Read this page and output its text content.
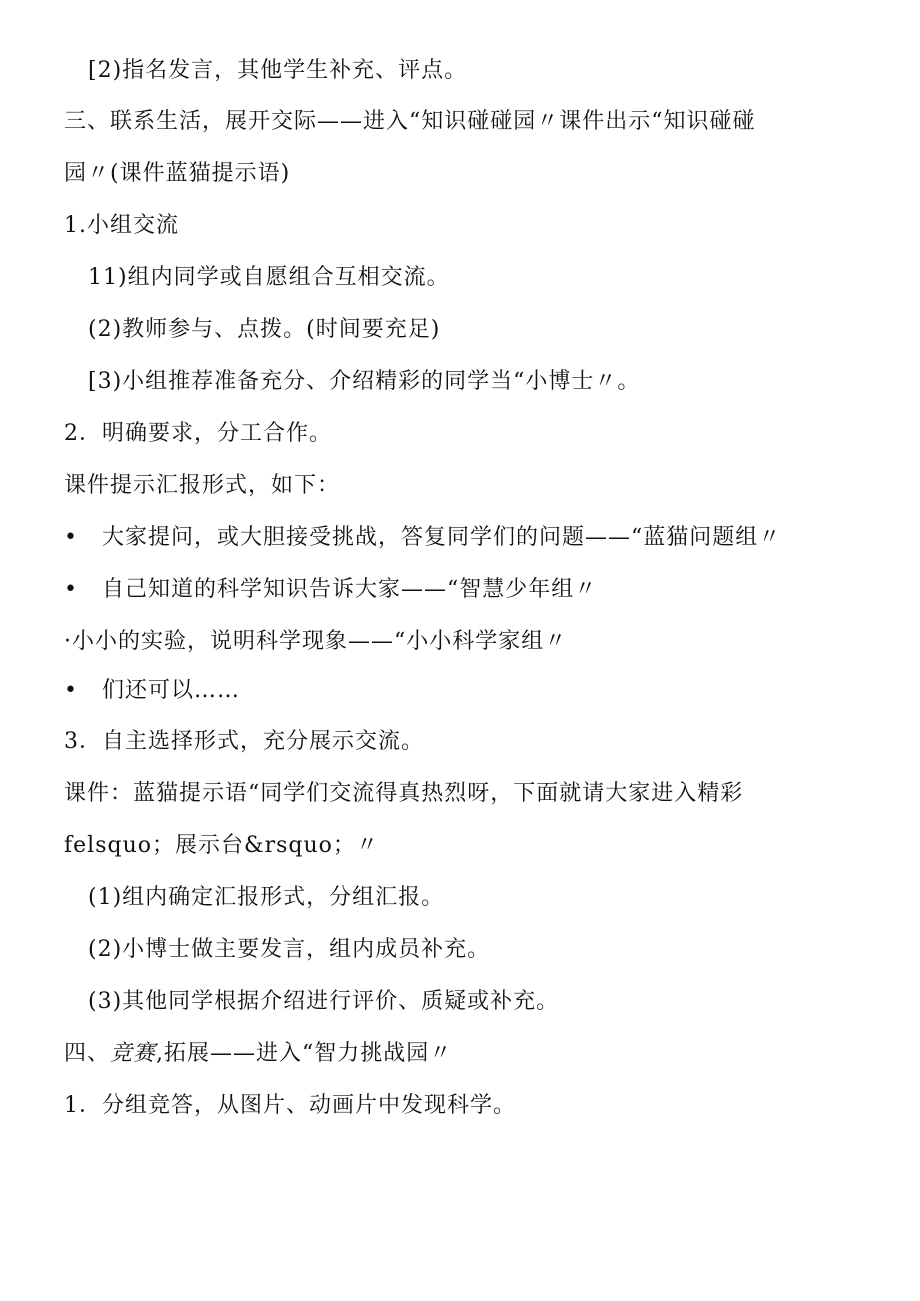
[2)指名发言，其他学生补充、评点。
三、联系生活，展开交际——进入“知识碰碰园〃课件出示“知识碰碰
园〃(课件蓝猫提示语)
1.小组交流
11)组内同学或自愿组合互相交流。
(2)教师参与、点拨。(时间要充足)
[3)小组推荐准备充分、介绍精彩的同学当“小博士〃。
2．明确要求，分工合作。
课件提示汇报形式，如下：
• 大家提问，或大胆接受挑战，答复同学们的问题——“蓝猫问题组〃
• 自己知道的科学知识告诉大家——“智慧少年组〃
·小小的实验，说明科学现象——“小小科学家组〃
• 们还可以……
3．自主选择形式，充分展示交流。
课件：蓝猫提示语“同学们交流得真热烈呀，下面就请大家进入精彩
felsquo；展示台&rsquo；〃
(1)组内确定汇报形式，分组汇报。
(2)小博士做主要发言，组内成员补充。
(3)其他同学根据介绍进行评价、质疑或补充。
四、竞赛,拓展——进入“智力挑战园〃
1．分组竞答，从图片、动画片中发现科学。
